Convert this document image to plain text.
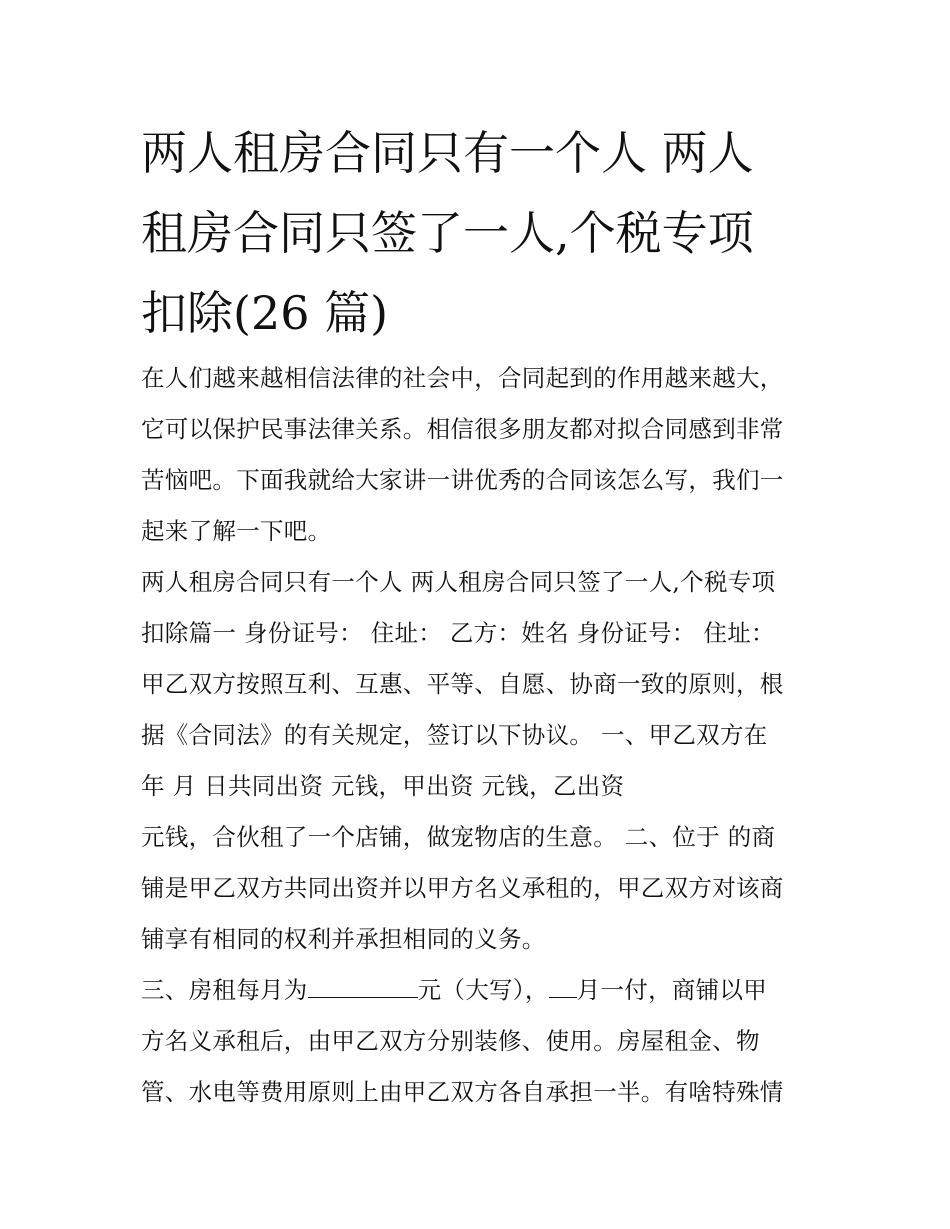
两人租房合同只有一个人 两人
租房合同只签了一人,个税专项
扣除(26 篇)
在人们越来越相信法律的社会中，合同起到的作用越来越大，
它可以保护民事法律关系。相信很多朋友都对拟合同感到非常
苦恼吧。下面我就给大家讲一讲优秀的合同该怎么写，我们一
起来了解一下吧。
两人租房合同只有一个人 两人租房合同只签了一人,个税专项
扣除篇一 身份证号： 住址： 乙方：姓名 身份证号： 住址：
甲乙双方按照互利、互惠、平等、自愿、协商一致的原则，根
据《合同法》的有关规定，签订以下协议。 一、甲乙双方在
年 月 日共同出资 元钱，甲出资 元钱，乙出资
元钱，合伙租了一个店铺，做宠物店的生意。 二、位于 的商
铺是甲乙双方共同出资并以甲方名义承租的，甲乙双方对该商
铺享有相同的权利并承担相同的义务。
三、房租每月为	元（大写）， 月一付，商铺以甲
方名义承租后，由甲乙双方分别装修、使用。房屋租金、物
管、水电等费用原则上由甲乙双方各自承担一半。有啥特殊情
